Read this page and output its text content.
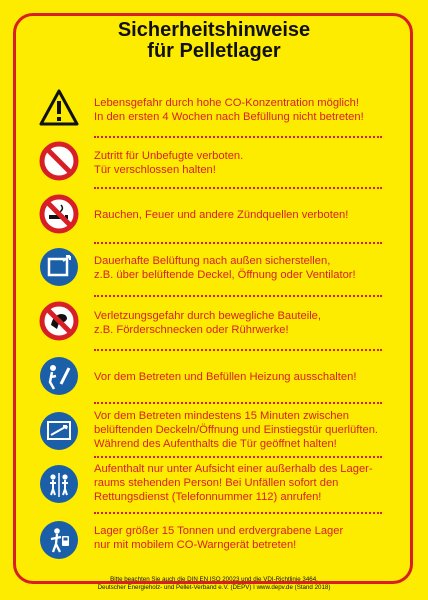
Sicherheitshinweise
für Pelletlager
Lebensgefahr durch hohe CO-Konzentration möglich!
In den ersten 4 Wochen nach Befüllung nicht betreten!
Zutritt für Unbefugte verboten.
Tür verschlossen halten!
Rauchen, Feuer und andere Zündquellen verboten!
Dauerhafte Belüftung nach außen sicherstellen,
z.B. über belüftende Deckel, Öffnung oder Ventilator!
Verletzungsgefahr durch bewegliche Bauteile,
z.B. Förderschnecken oder Rührwerke!
Vor dem Betreten und Befüllen Heizung ausschalten!
Vor dem Betreten mindestens 15 Minuten zwischen
belüftenden Deckeln/Öffnung und Einstiegstür querlüften.
Während des Aufenthalts die Tür geöffnet halten!
Aufenthalt nur unter Aufsicht einer außerhalb des Lager-
raums stehenden Person! Bei Unfällen sofort den
Rettungsdienst (Telefonnummer 112) anrufen!
Lager größer 15 Tonnen und erdvergrabene Lager
nur mit mobilem CO-Warngerät betreten!
Bitte beachten Sie auch die DIN EN ISO 20023 und die VDI-Richtlinie 3464.
Deutscher Energieholz- und Pellet-Verband e.V. (DEPV) I www.depv.de (Stand 2018)
